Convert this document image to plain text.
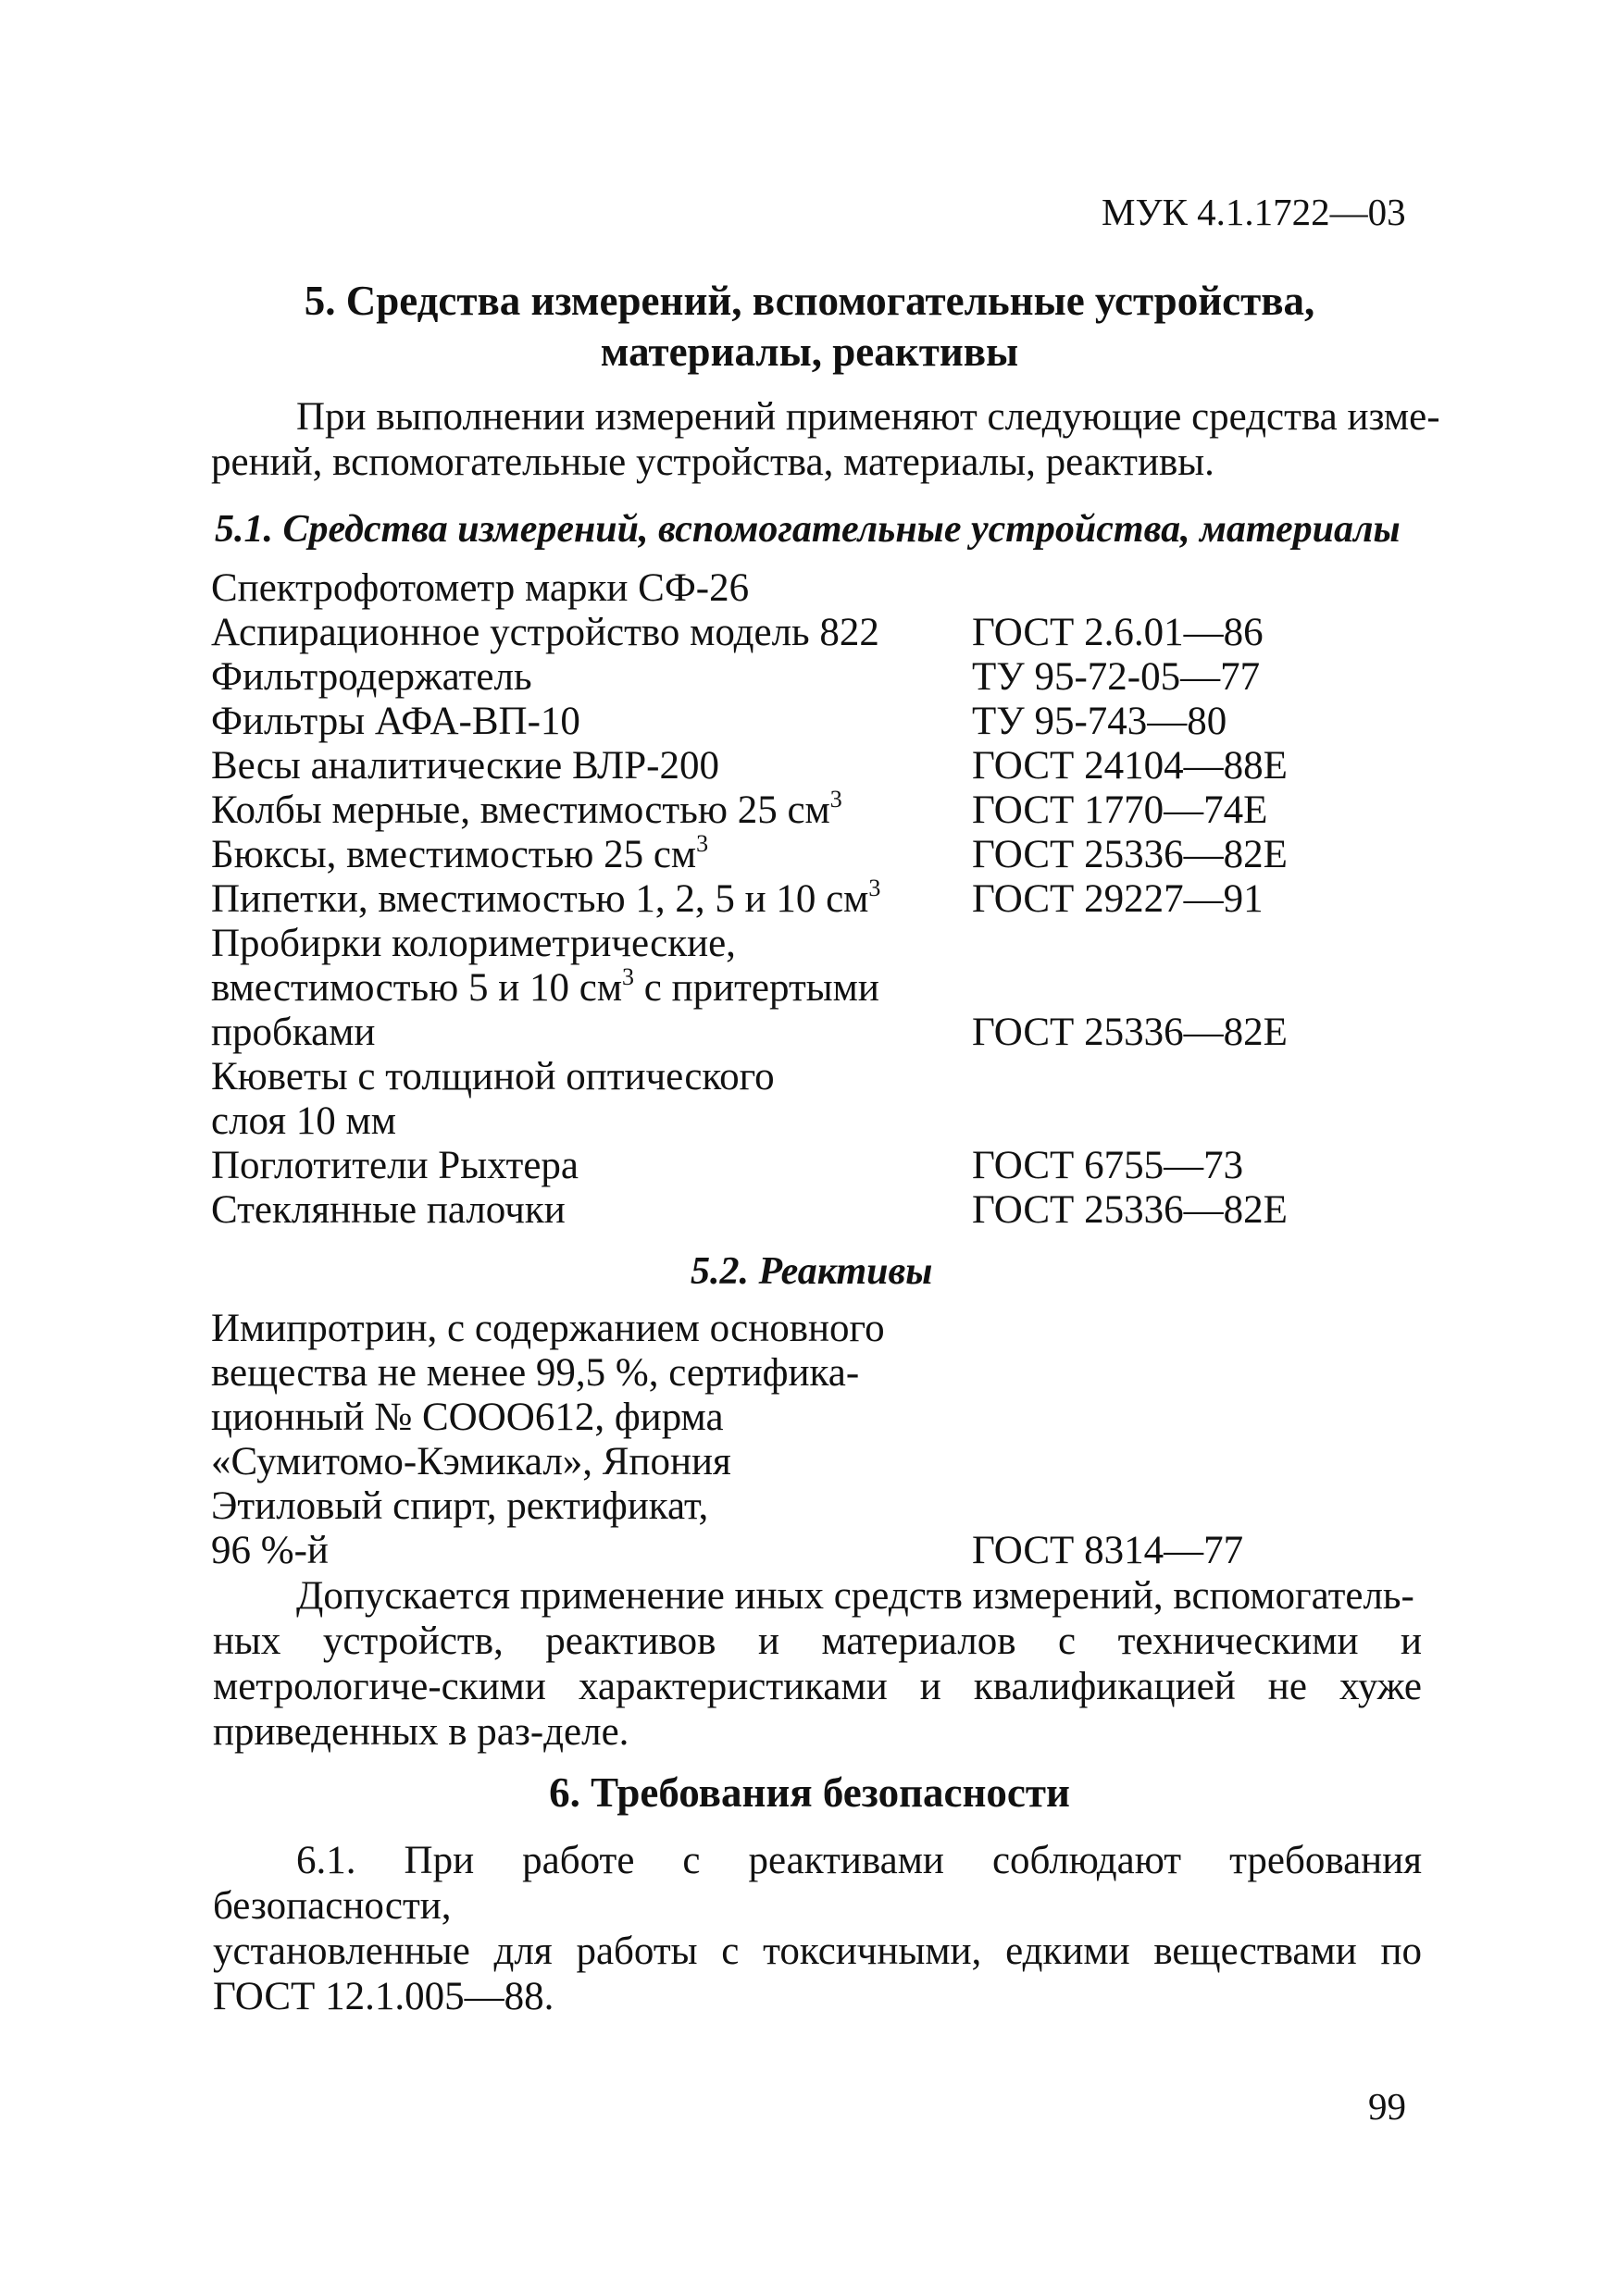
МУК 4.1.1722—03
5. Средства измерений, вспомогательные устройства,
материалы, реактивы
При выполнении измерений применяют следующие средства изме-
рений, вспомогательные устройства, материалы, реактивы.
5.1. Средства измерений, вспомогательные устройства, материалы
Спектрофотометр марки СФ-26
Аспирационное устройство модель 822 ГОСТ 2.6.01—86
Фильтродержатель	ТУ 95-72-05—77
Фильтры АФА-ВП-10	ТУ 95-743—80
Весы аналитические ВЛР-200	ГОСТ 24104—88Е
Колбы мерные, вместимостью 25 $см^3$	ГОСТ 1770—74Е
Бюксы, вместимостью 25 $см^3$	ГОСТ 25336—82Е
Пипетки, вместимостью 1, 2, 5 и 10 $см^3$ ГОСТ 29227—91
Пробирки колориметрические,
вместимостью 5 и 10 $см^3$ с притертыми
пробками	ГОСТ 25336—82Е
Кюветы с толщиной оптического
слоя 10 мм
Поглотители Рыхтера	ГОСТ 6755—73
Стеклянные палочки	ГОСТ 25336—82Е
5.2. Реактивы
Имипротрин, с содержанием основного
вещества не менее 99,5 %, сертифика-
ционный № СООО612, фирма
«Сумитомо-Кэмикал», Япония
Этиловый спирт, ректификат,
96 %-й	ГОСТ 8314—77
Допускается применение иных средств измерений, вспомогатель-
ных устройств, реактивов и материалов с техническими и метрологиче-скими характеристиками и квалификацией не хуже приведенных в раз-деле.
6. Требования безопасности
6.1. При работе с реактивами соблюдают требования безопасности,
установленные для работы с токсичными, едкими веществами по ГОСТ 12.1.005—88.
99
